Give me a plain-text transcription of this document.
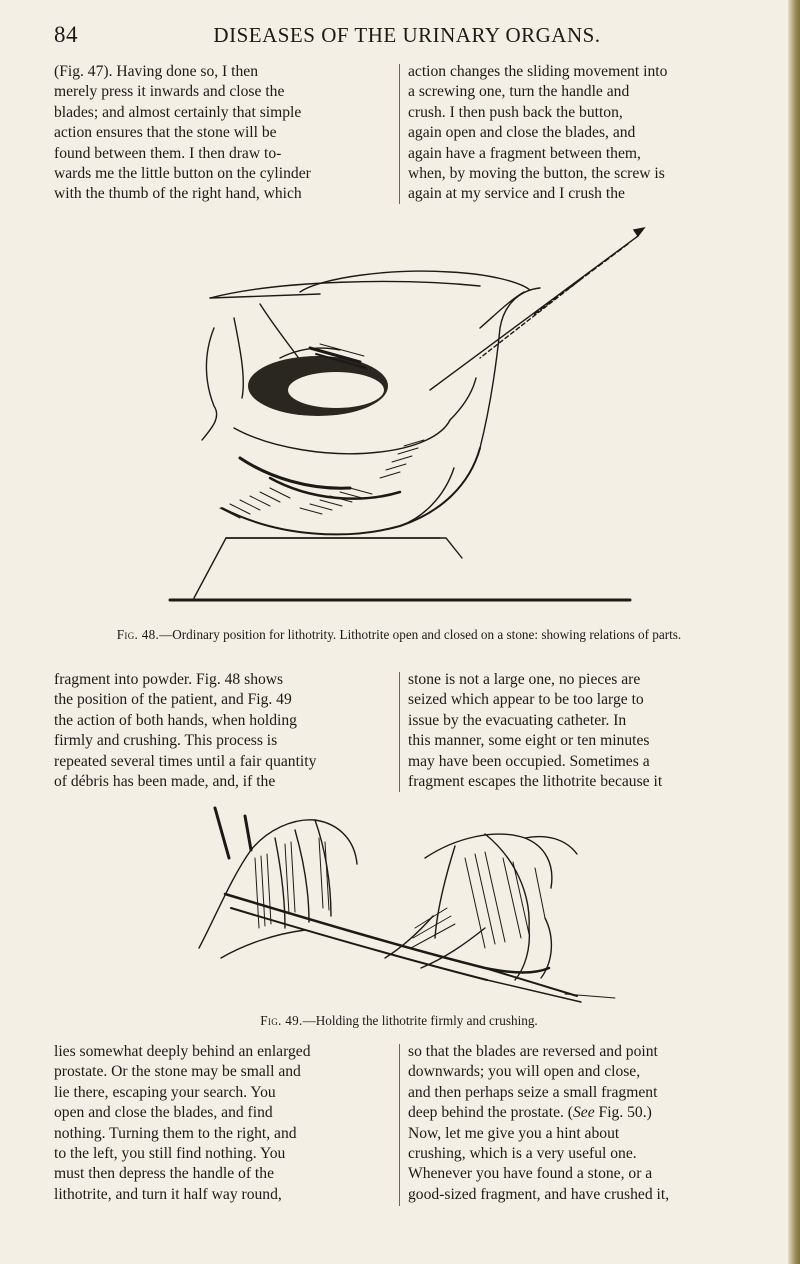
84	DISEASES OF THE URINARY ORGANS.

(Fig. 47). Having done so, I then

merely press it inwards and close the

blades; and almost certainly that simple

action ensures that the stone will be

found between them. I then draw to-

wards me the little button on the cylinder

with the thumb of the right hand, which

action changes the sliding movement into

a screwing one, turn the handle and

crush. I then push back the button,

again open and close the blades, and

again have a fragment between them,

when, by moving the button, the screw is

again at my service and I crush the

Fig. 48.—Ordinary position for lithotrity. Lithotrite open and closed on a stone: showing relations of parts.

fragment into powder. Fig. 48 shows

the position of the patient, and Fig. 49

the action of both hands, when holding

firmly and crushing. This process is

repeated several times until a fair quantity

of débris has been made, and, if the

stone is not a large one, no pieces are

seized which appear to be too large to

issue by the evacuating catheter. In

this manner, some eight or ten minutes

may have been occupied. Sometimes a

fragment escapes the lithotrite because it

Fig. 49.—Holding the lithotrite firmly and crushing.

lies somewhat deeply behind an enlarged

prostate. Or the stone may be small and

lie there, escaping your search. You

open and close the blades, and find

nothing. Turning them to the right, and

to the left, you still find nothing. You

must then depress the handle of the

lithotrite, and turn it half way round,

so that the blades are reversed and point

downwards; you will open and close,

and then perhaps seize a small fragment

deep behind the prostate. (See Fig. 50.)

Now, let me give you a hint about

crushing, which is a very useful one.

Whenever you have found a stone, or a

good-sized fragment, and have crushed it,
